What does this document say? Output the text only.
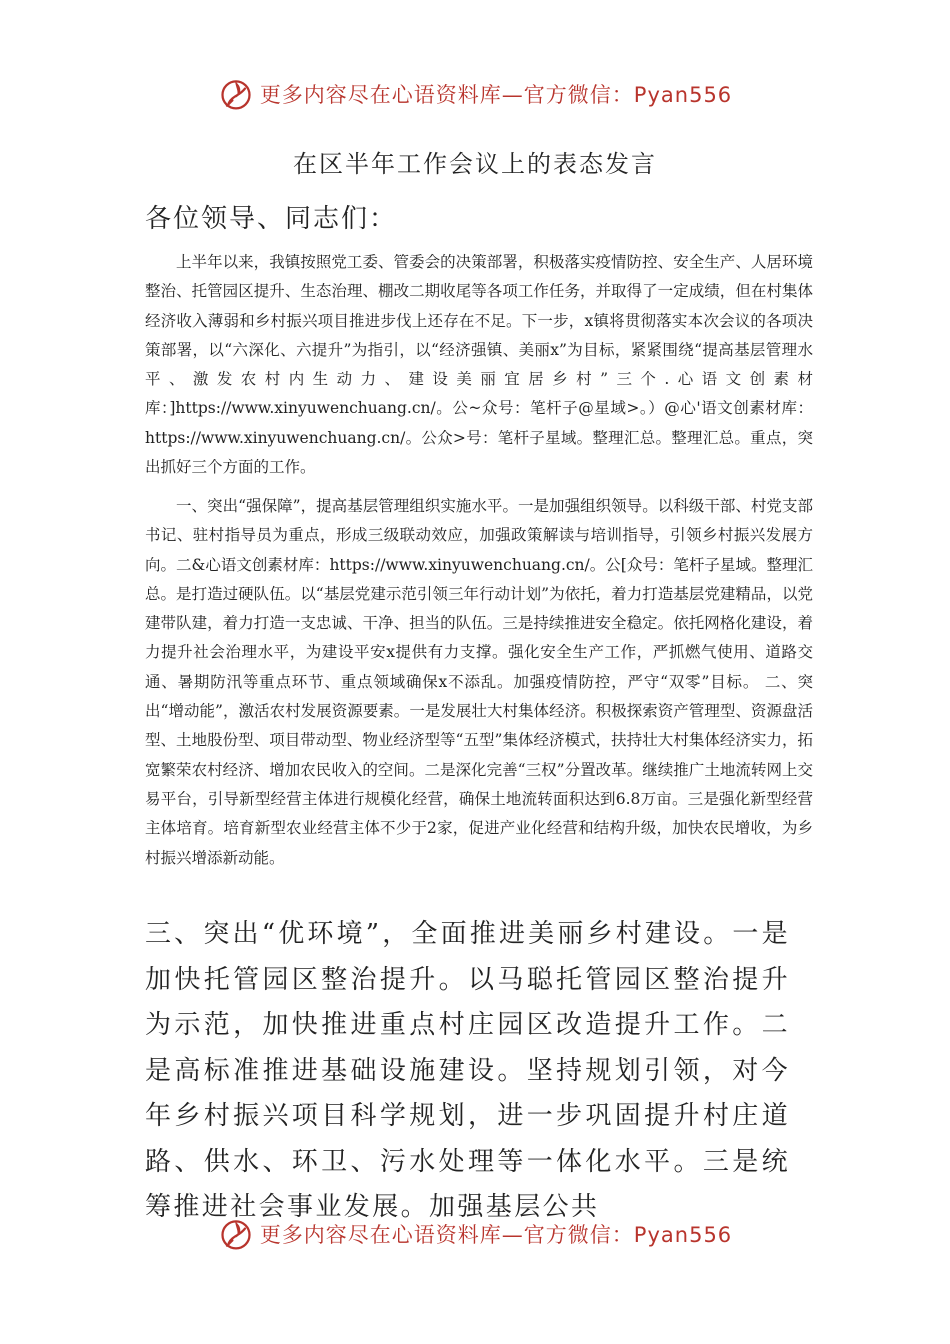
更多内容尽在心语资料库—官方微信：Pyan556
在区半年工作会议上的表态发言

各位领导、同志们：

上半年以来，我镇按照党工委、管委会的决策部署，积极落实疫情防控、安全生产、人居环境整治、托管园区提升、生态治理、棚改二期收尾等各项工作任务，并取得了一定成绩，但在村集体经济收入薄弱和乡村振兴项目推进步伐上还存在不足。下一步，x镇将贯彻落实本次会议的各项决策部署，以“六深化、六提升”为指引，以“经济强镇、美丽x”为目标，紧紧围绕“提高基层管理水平、激发农村内生动力、建设美丽宜居乡村”三个.心语文创素材库：]https://www.xinyuwenchuang.cn/。公~众号：笔杆子@星域>。）@心'语文创素材库：https://www.xinyuwenchuang.cn/。公众>号：笔杆子星域。整理汇总。整理汇总。重点，突出抓好三个方面的工作。

一、突出“强保障”，提高基层管理组织实施水平。一是加强组织领导。以科级干部、村党支部书记、驻村指导员为重点，形成三级联动效应，加强政策解读与培训指导，引领乡村振兴发展方向。二&心语文创素材库：https://www.xinyuwenchuang.cn/。公[众号：笔杆子星域。整理汇总。是打造过硬队伍。以“基层党建示范引领三年行动计划”为依托，着力打造基层党建精品，以党建带队建，着力打造一支忠诚、干净、担当的队伍。三是持续推进安全稳定。依托网格化建设，着力提升社会治理水平，为建设平安x提供有力支撑。强化安全生产工作，严抓燃气使用、道路交通、暑期防汛等重点环节、重点领域确保x不添乱。加强疫情防控，严守“双零”目标。 二、突出“增动能”，激活农村发展资源要素。一是发展壮大村集体经济。积极探索资产管理型、资源盘活型、土地股份型、项目带动型、物业经济型等“五型”集体经济模式，扶持壮大村集体经济实力，拓宽繁荣农村经济、增加农民收入的空间。二是深化完善“三权”分置改革。继续推广土地流转网上交易平台，引导新型经营主体进行规模化经营，确保土地流转面积达到6.8万亩。三是强化新型经营主体培育。培育新型农业经营主体不少于2家，促进产业化经营和结构升级，加快农民增收，为乡村振兴增添新动能。

三、突出“优环境”，全面推进美丽乡村建设。一是加快托管园区整治提升。以马聪托管园区整治提升为示范，加快推进重点村庄园区改造提升工作。二是高标准推进基础设施建设。坚持规划引领，对今年乡村振兴项目科学规划，进一步巩固提升村庄道路、供水、环卫、污水处理等一体化水平。三是统筹推进社会事业发展。加强基层公共

更多内容尽在心语资料库—官方微信：Pyan556
